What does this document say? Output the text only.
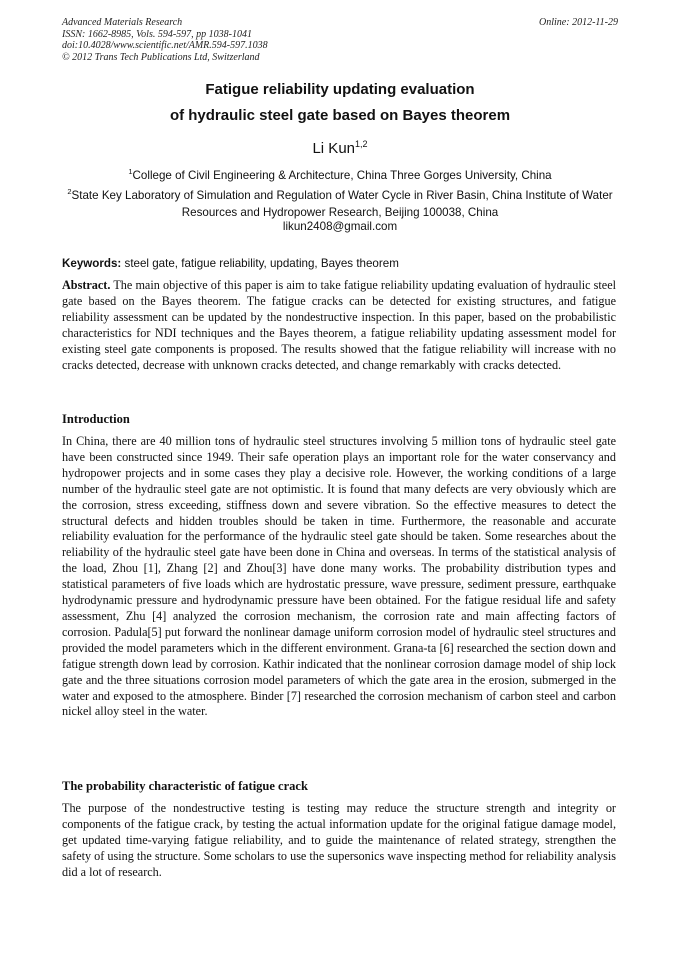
Advanced Materials Research
ISSN: 1662-8985, Vols. 594-597, pp 1038-1041
doi:10.4028/www.scientific.net/AMR.594-597.1038
© 2012 Trans Tech Publications Ltd, Switzerland
Online: 2012-11-29
Fatigue reliability updating evaluation
of hydraulic steel gate based on Bayes theorem
Li Kun$^{1,2}$
$^1$College of Civil Engineering & Architecture, China Three Gorges University, China
$^2$State Key Laboratory of Simulation and Regulation of Water Cycle in River Basin, China Institute of Water Resources and Hydropower Research, Beijing 100038, China
likun2408@gmail.com
Keywords: steel gate, fatigue reliability, updating, Bayes theorem
Abstract. The main objective of this paper is aim to take fatigue reliability updating evaluation of hydraulic steel gate based on the Bayes theorem. The fatigue cracks can be detected for existing structures, and fatigue reliability assessment can be updated by the nondestructive inspection. In this paper, based on the probabilistic characteristics for NDI techniques and the Bayes theorem, a fatigue reliability updating assessment model for existing steel gate components is proposed. The results showed that the fatigue reliability will increase with no cracks detected, decrease with unknown cracks detected, and change remarkably with cracks detected.
Introduction
In China, there are 40 million tons of hydraulic steel structures involving 5 million tons of hydraulic steel gate have been constructed since 1949. Their safe operation plays an important role for the water conservancy and hydropower projects and in some cases they play a decisive role. However, the working conditions of a large number of the hydraulic steel gate are not optimistic. It is found that many defects are very obviously which are the corrosion, stress exceeding, stiffness down and severe vibration. So the effective measures to detect the structural defects and hidden troubles should be taken in time. Furthermore, the reasonable and accurate reliability evaluation for the performance of the hydraulic steel gate should be taken. Some researches about the reliability of the hydraulic steel gate have been done in China and overseas. In terms of the statistical analysis of the load, Zhou [1], Zhang [2] and Zhou[3] have done many works. The probability distribution types and statistical parameters of five loads which are hydrostatic pressure, wave pressure, sediment pressure, earthquake hydrodynamic pressure and hydrodynamic pressure have been obtained. For the fatigue residual life and safety assessment, Zhu [4] analyzed the corrosion mechanism, the corrosion rate and main affecting factors of corrosion. Padula[5] put forward the nonlinear damage uniform corrosion model of hydraulic steel structures and provided the model parameters which in the different environment. Grana-ta [6] researched the section down and fatigue strength down lead by corrosion. Kathir indicated that the nonlinear corrosion damage model of ship lock gate and the three situations corrosion model parameters of which the gate area in the erosion, submerged in the water and exposed to the atmosphere. Binder [7] researched the corrosion mechanism of carbon steel and carbon nickel alloy steel in the water.
The probability characteristic of fatigue crack
The purpose of the nondestructive testing is testing may reduce the structure strength and integrity or components of the fatigue crack, by testing the actual information update for the original fatigue damage model, get updated time-varying fatigue reliability, and to guide the maintenance of related strategy, strengthen the safety of using the structure. Some scholars to use the supersonics wave inspecting method for reliability analysis did a lot of research.
